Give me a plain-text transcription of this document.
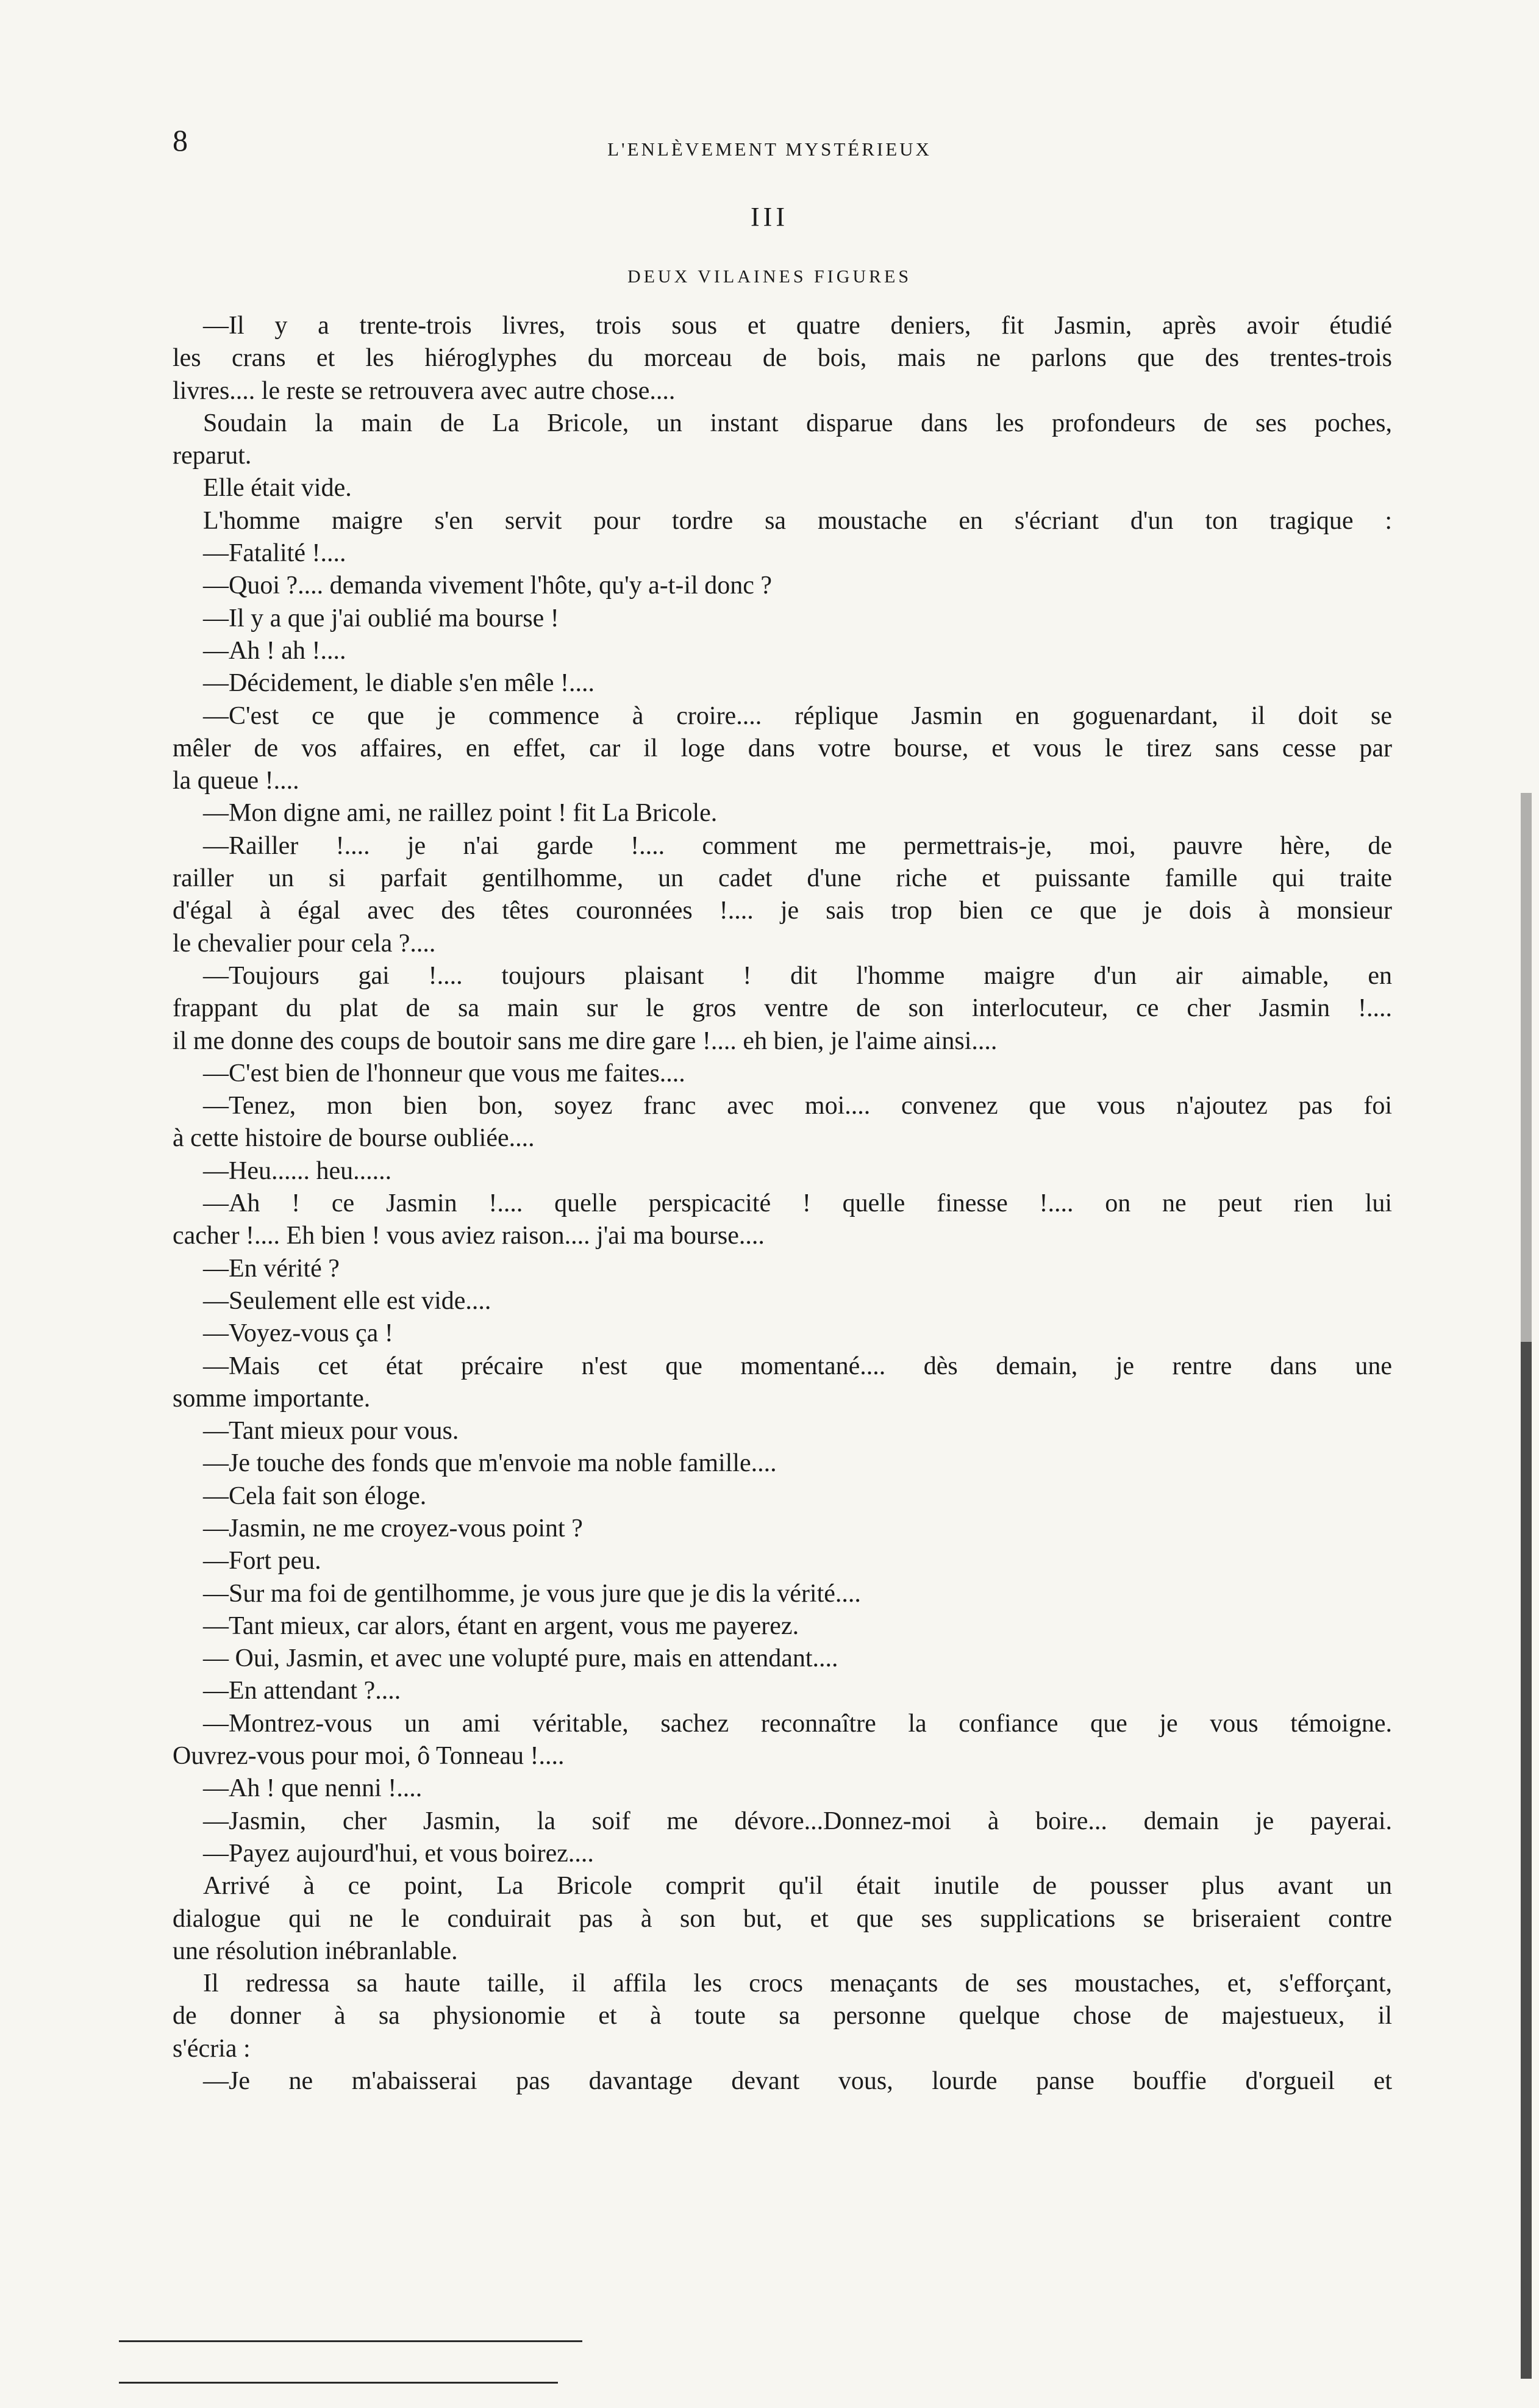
8	L'ENLÈVEMENT MYSTÉRIEUX
III
DEUX VILAINES FIGURES
—Il y a trente-trois livres, trois sous et quatre deniers, fit Jasmin, après avoir étudié
les crans et les hiéroglyphes du morceau de bois, mais ne parlons que des trentes-trois
livres.... le reste se retrouvera avec autre chose....
Soudain la main de La Bricole, un instant disparue dans les profondeurs de ses poches,
reparut.
Elle était vide.
L'homme maigre s'en servit pour tordre sa moustache en s'écriant d'un ton tragique :
—Fatalité !....
—Quoi ?.... demanda vivement l'hôte, qu'y a-t-il donc ?
—Il y a que j'ai oublié ma bourse !
—Ah ! ah !....
—Décidement, le diable s'en mêle !....
—C'est ce que je commence à croire.... réplique Jasmin en goguenardant, il doit se
mêler de vos affaires, en effet, car il loge dans votre bourse, et vous le tirez sans cesse par
la queue !....
—Mon digne ami, ne raillez point ! fit La Bricole.
—Railler !.... je n'ai garde !.... comment me permettrais-je, moi, pauvre hère, de
railler un si parfait gentilhomme, un cadet d'une riche et puissante famille qui traite
d'égal à égal avec des têtes couronnées !.... je sais trop bien ce que je dois à monsieur
le chevalier pour cela ?....
—Toujours gai !.... toujours plaisant ! dit l'homme maigre d'un air aimable, en
frappant du plat de sa main sur le gros ventre de son interlocuteur, ce cher Jasmin !....
il me donne des coups de boutoir sans me dire gare !.... eh bien, je l'aime ainsi....
—C'est bien de l'honneur que vous me faites....
—Tenez, mon bien bon, soyez franc avec moi.... convenez que vous n'ajoutez pas foi
à cette histoire de bourse oubliée....
—Heu...... heu......
—Ah ! ce Jasmin !.... quelle perspicacité ! quelle finesse !.... on ne peut rien lui
cacher !.... Eh bien ! vous aviez raison.... j'ai ma bourse....
—En vérité ?
—Seulement elle est vide....
—Voyez-vous ça !
—Mais cet état précaire n'est que momentané.... dès demain, je rentre dans une
somme importante.
—Tant mieux pour vous.
—Je touche des fonds que m'envoie ma noble famille....
—Cela fait son éloge.
—Jasmin, ne me croyez-vous point ?
—Fort peu.
—Sur ma foi de gentilhomme, je vous jure que je dis la vérité....
—Tant mieux, car alors, étant en argent, vous me payerez.
— Oui, Jasmin, et avec une volupté pure, mais en attendant....
—En attendant ?....
—Montrez-vous un ami véritable, sachez reconnaître la confiance que je vous témoigne.
Ouvrez-vous pour moi, ô Tonneau !....
—Ah ! que nenni !....
—Jasmin, cher Jasmin, la soif me dévore...Donnez-moi à boire... demain je payerai.
—Payez aujourd'hui, et vous boirez....
Arrivé à ce point, La Bricole comprit qu'il était inutile de pousser plus avant un
dialogue qui ne le conduirait pas à son but, et que ses supplications se briseraient contre
une résolution inébranlable.
Il redressa sa haute taille, il affila les crocs menaçants de ses moustaches, et, s'efforçant,
de donner à sa physionomie et à toute sa personne quelque chose de majestueux, il
s'écria :
—Je ne m'abaisserai pas davantage devant vous, lourde panse bouffie d'orgueil et
